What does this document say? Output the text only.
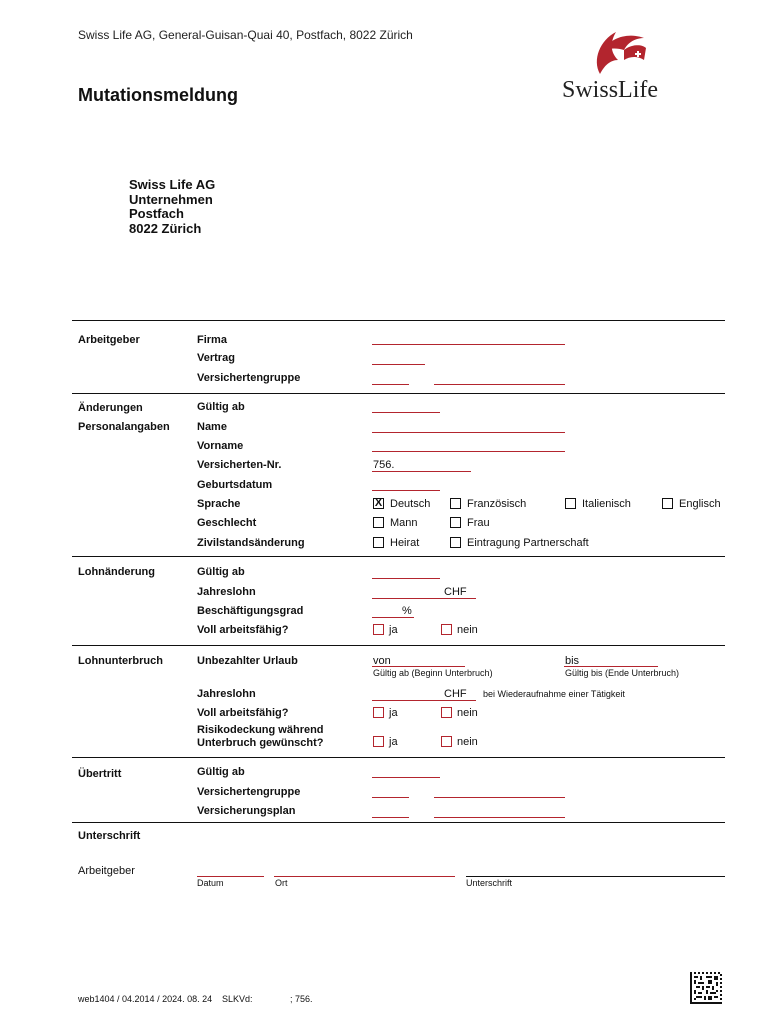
Swiss Life AG, General-Guisan-Quai 40, Postfach, 8022 Zürich
SwissLife
Mutationsmeldung
Swiss Life AG
Unternehmen
Postfach
8022 Zürich
Arbeitgeber	Firma
Vertrag
Versichertengruppe
Änderungen
Personalangaben
Gültig ab
Name
Vorname
Versicherten-Nr.	756.
Geburtsdatum
Sprache	X Deutsch	Französisch	Italienisch	Englisch
Geschlecht	Mann	Frau
Zivilstandsänderung	Heirat	Eintragung Partnerschaft
Lohnänderung	Gültig ab
Jahreslohn	CHF
Beschäftigungsgrad	%
Voll arbeitsfähig?	ja	nein
Lohnunterbruch	Unbezahlter Urlaub	von
Gültig ab (Beginn Unterbruch)
bis
Gültig bis (Ende Unterbruch)
Jahreslohn	CHF bei Wiederaufnahme einer Tätigkeit
Voll arbeitsfähig?	ja	nein
Risikodeckung während
Unterbruch gewünscht?	ja	nein
Übertritt	Gültig ab
Versichertengruppe
Versicherungsplan
Unterschrift
Arbeitgeber
Datum	Ort	Unterschrift
web1404 / 04.2014 / 2024. 08. 24 SLKVd:	; 756.
